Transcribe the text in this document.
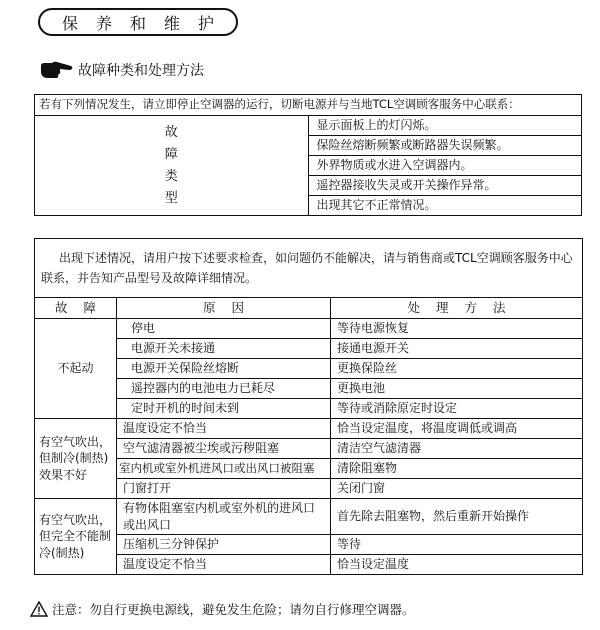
保养和维护
故障种类和处理方法
若有下列情况发生，请立即停止空调器的运行，切断电源并与当地TCL空调顾客服务中心联系：

故
障
类
型
	显示面板上的灯闪烁。
保险丝熔断频繁或断路器失误频繁。
外界物质或水进入空调器内。
遥控器接收失灵或开关操作异常。
出现其它不正常情况。
出现下述情况，请用户按下述要求检查，如问题仍不能解决，请与销售商或TCL空调顾客服务中心联系，并告知产品型号及故障详细情况。		
故障	原因	处理方法
不起动	停电	等待电源恢复
	电源开关未接通	接通电源开关
	电源开关保险丝熔断	更换保险丝
	遥控器内的电池电力已耗尽	更换电池
	定时开机的时间未到	等待或消除原定时设定
有空气吹出，但制冷(制热)效果不好	温度设定不恰当	恰当设定温度，将温度调低或调高
	空气滤清器被尘埃或污秽阻塞	清洁空气滤清器
	室内机或室外机进风口或出风口被阻塞	清除阻塞物
	门窗打开	关闭门窗
有空气吹出，但完全不能制冷(制热)	有物体阻塞室内机或室外机的进风口或出风口	首先除去阻塞物，然后重新开始操作
	压缩机三分钟保护	等待
	温度设定不恰当	恰当设定温度
注意：勿自行更换电源线，避免发生危险；请勿自行修理空调器。
